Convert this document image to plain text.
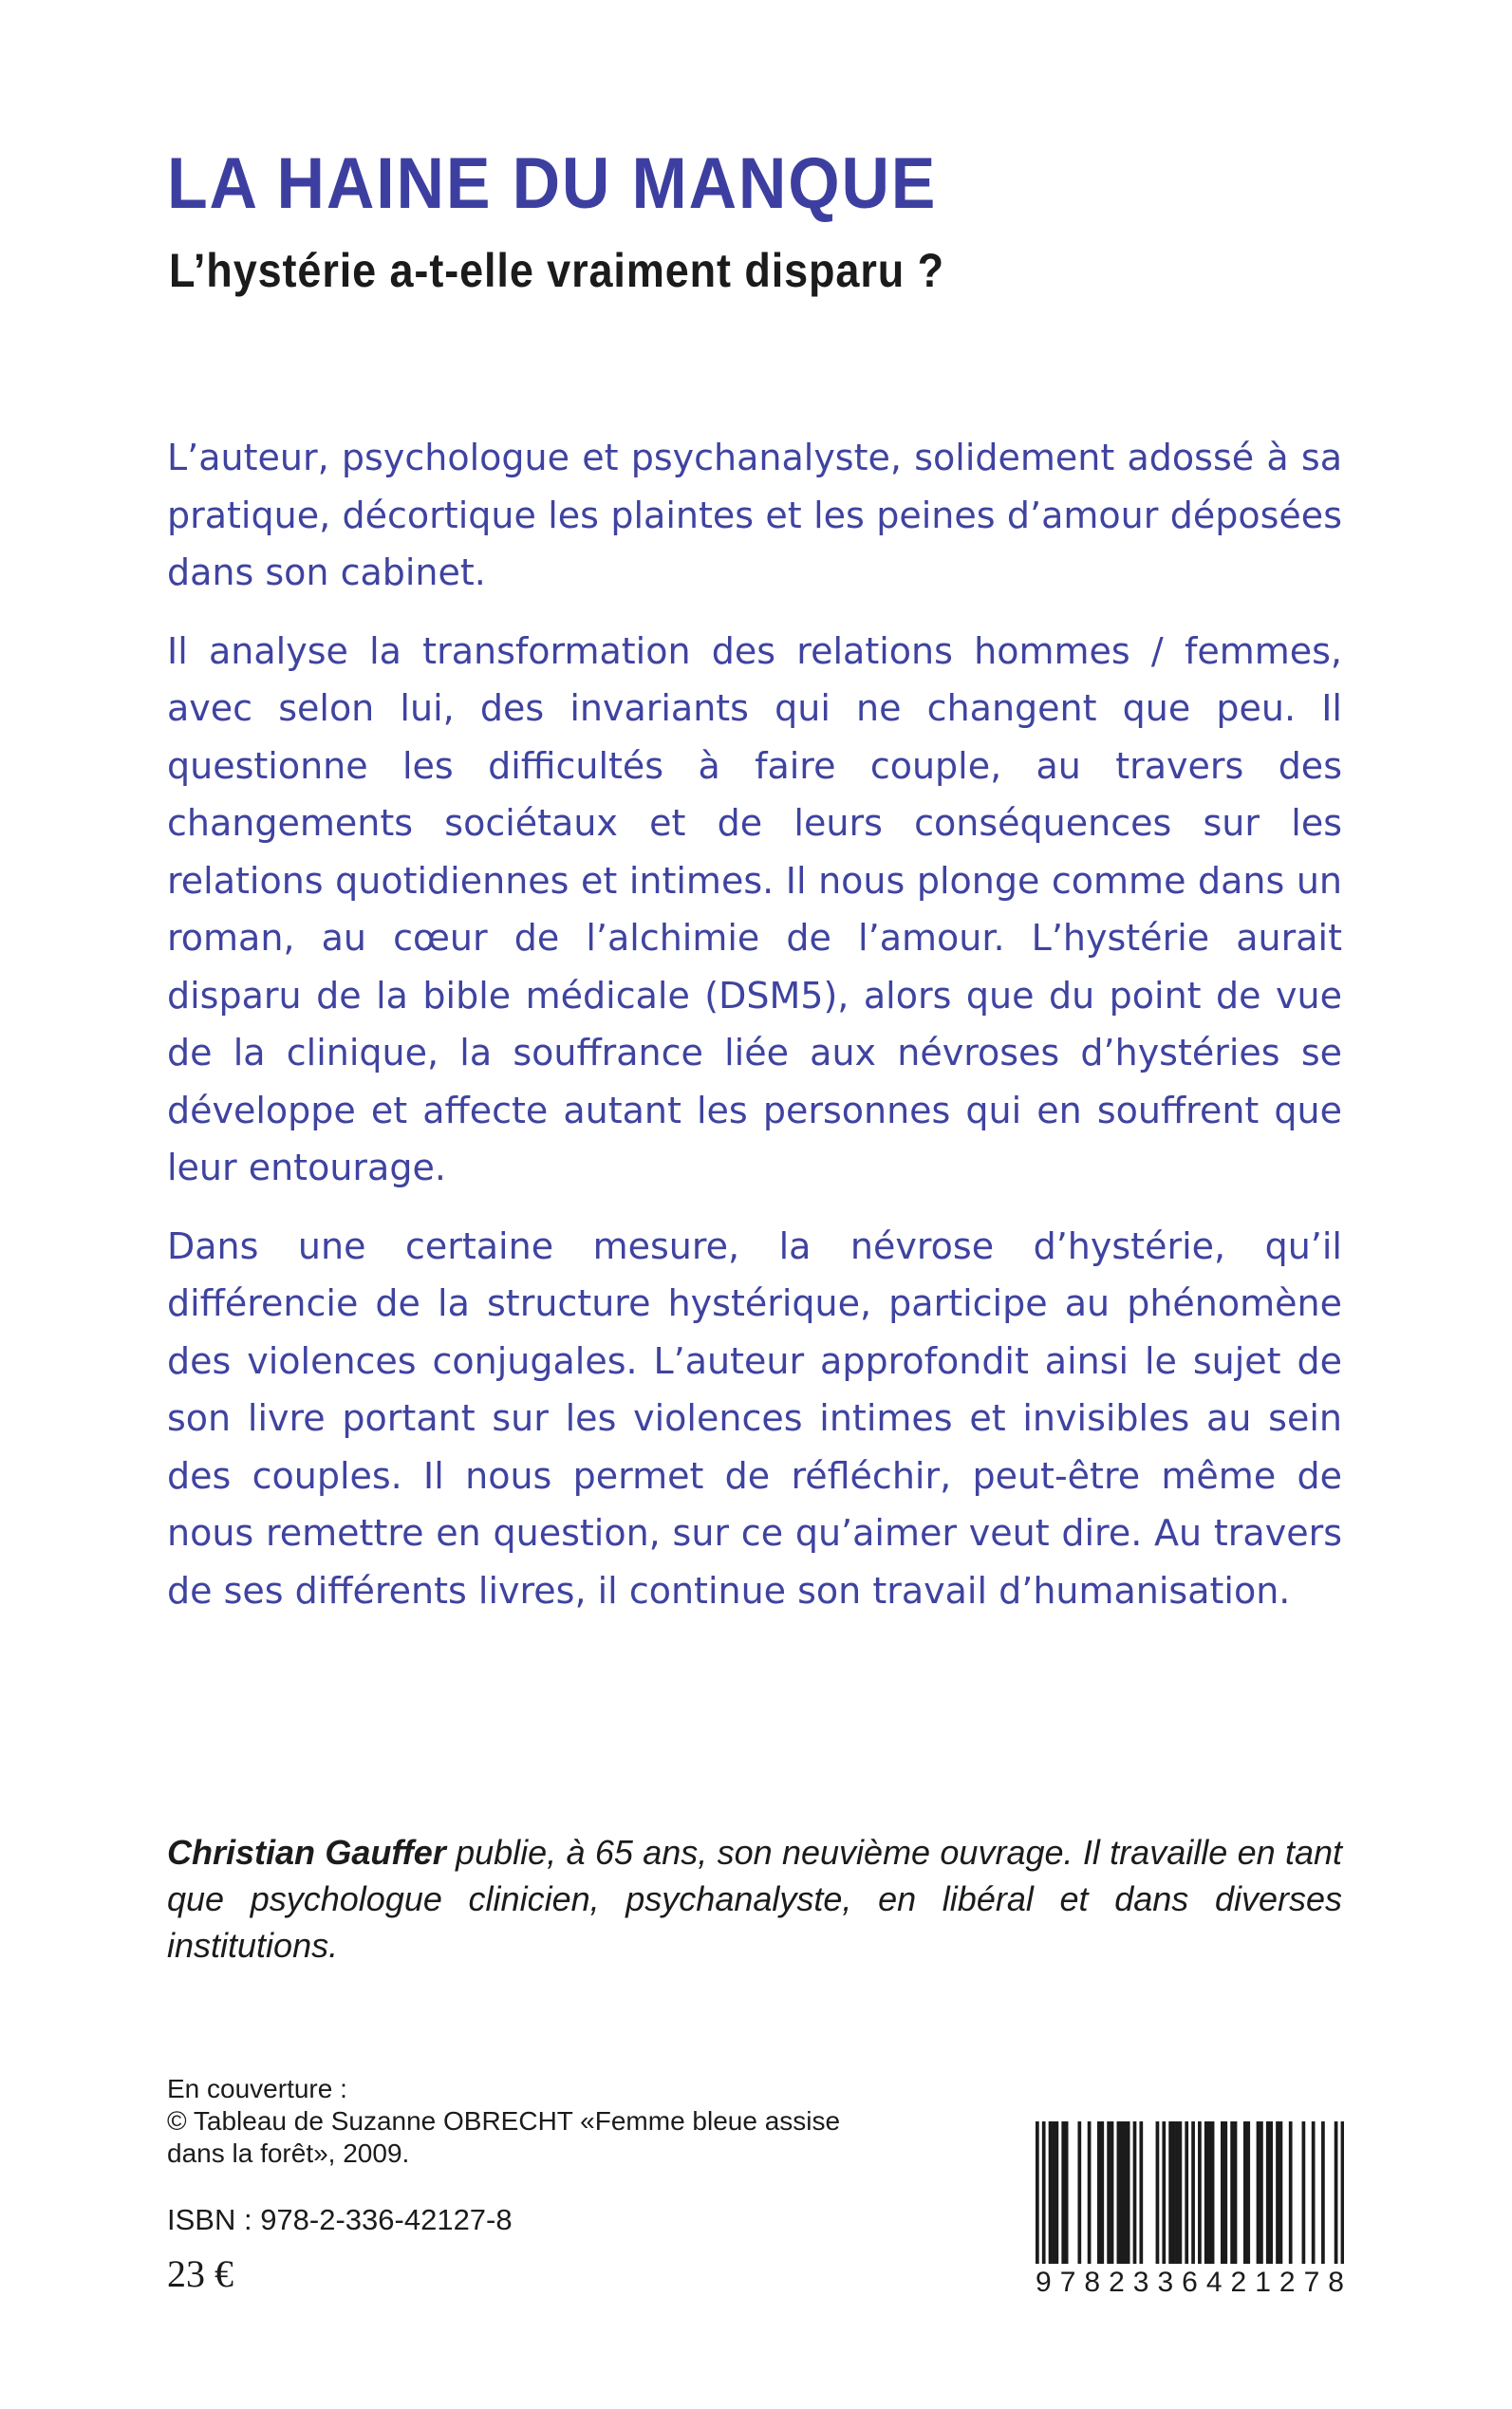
LA HAINE DU MANQUE
L’hystérie a-t-elle vraiment disparu ?

L’auteur, psychologue et psychanalyste, solidement adossé à sa pratique, décortique les plaintes et les peines d’amour déposées dans son cabinet.

Il analyse la transformation des relations hommes / femmes, avec selon lui, des invariants qui ne changent que peu. Il questionne les difficultés à faire couple, au travers des changements sociétaux et de leurs conséquences sur les relations quotidiennes et intimes. Il nous plonge comme dans un roman, au cœur de l’alchimie de l’amour. L’hystérie aurait disparu de la bible médicale (DSM5), alors que du point de vue de la clinique, la souffrance liée aux névroses d’hystéries se développe et affecte autant les personnes qui en souffrent que leur entourage.

Dans une certaine mesure, la névrose d’hystérie, qu’il différencie de la structure hystérique, participe au phénomène des violences conjugales. L’auteur approfondit ainsi le sujet de son livre portant sur les violences intimes et invisibles au sein des couples. Il nous permet de réfléchir, peut-être même de nous remettre en question, sur ce qu’aimer veut dire. Au travers de ses différents livres, il continue son travail d’humanisation.

Christian Gauffer publie, à 65 ans, son neuvième ouvrage. Il travaille en tant que psychologue clinicien, psychanalyste, en libéral et dans diverses institutions.

En couverture :
© Tableau de Suzanne OBRECHT «Femme bleue assise
dans la forêt», 2009.
ISBN : 978-2-336-42127-8
23 €	9 7 8 2 3 3 6 4 2 1 2 7 8
